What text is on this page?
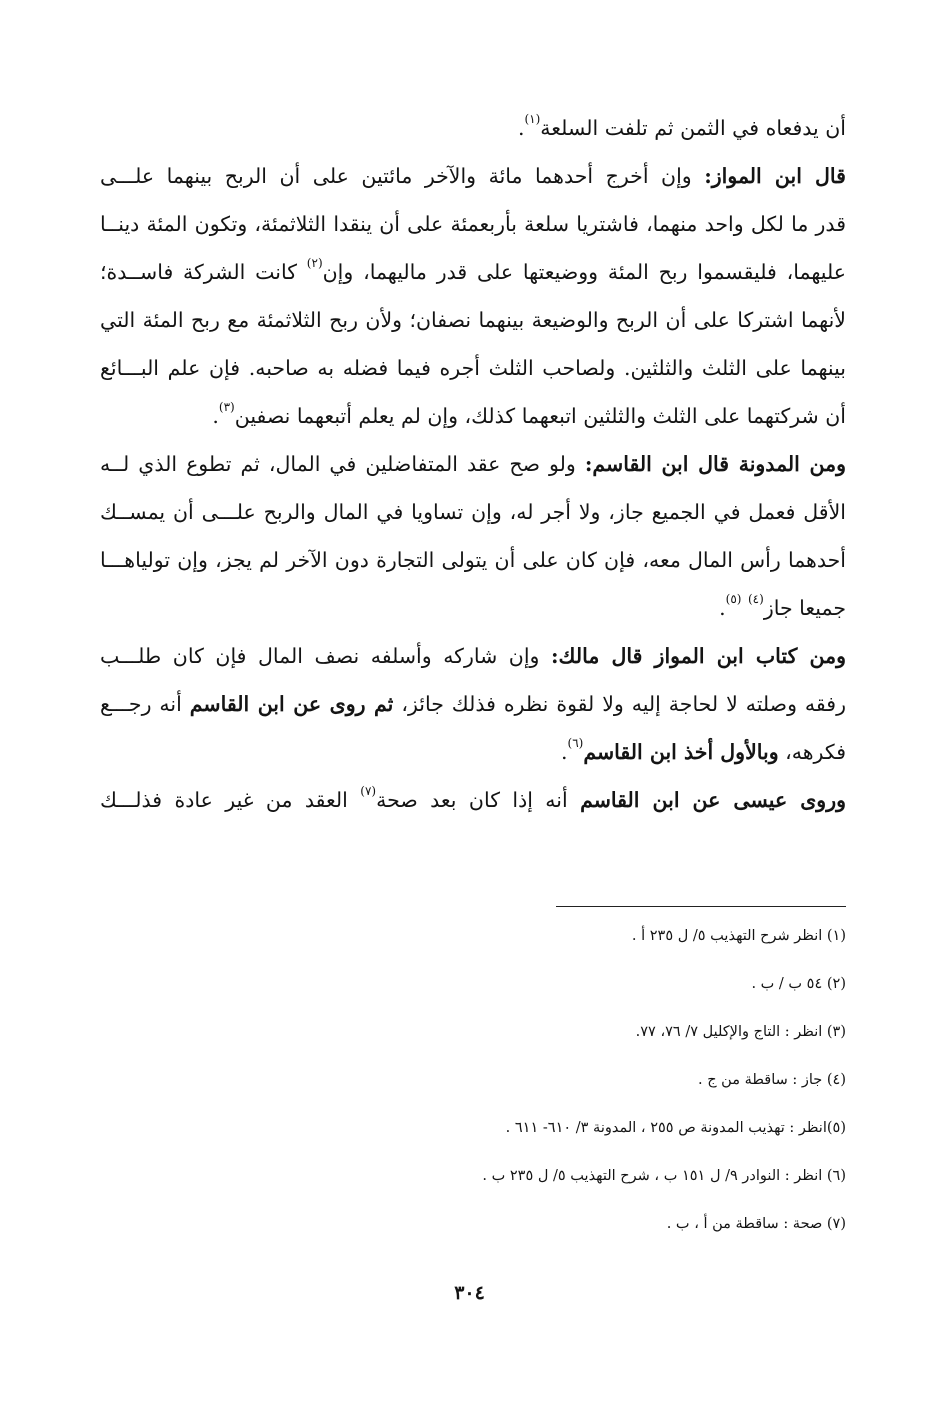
أن يدفعاه في الثمن ثم تلفت السلعة$^{(١)}$.
قال ابن المواز: وإن أخرج أحدهما مائة والآخر مائتين على أن الربح بينهما علـــى
قدر ما لكل واحد منهما، فاشتريا سلعة بأربعمئة على أن ينقدا الثلاثمئة، وتكون المئة دينــا
عليهما، فليقسموا ربح المئة ووضيعتها على قدر ماليهما، وإن$^{(٢)}$ كانت الشركة فاســدة؛
لأنهما اشتركا على أن الربح والوضيعة بينهما نصفان؛ ولأن ربح الثلاثمئة مع ربح المئة التي
بينهما على الثلث والثلثين. ولصاحب الثلث أجره فيما فضله به صاحبه. فإن علم البـــائع
أن شركتهما على الثلث والثلثين اتبعهما كذلك، وإن لم يعلم أتبعهما نصفين$^{(٣)}$.
ومن المدونة قال ابن القاسم: ولو صح عقد المتفاضلين في المال، ثم تطوع الذي لــه
الأقل فعمل في الجميع جاز، ولا أجر له، وإن تساويا في المال والربح علـــى أن يمســك
أحدهما رأس المال معه، فإن كان على أن يتولى التجارة دون الآخر لم يجز، وإن تولياهـــا
جميعا جاز$^{(٤)}$ $^{(٥)}$.
ومن كتاب ابن المواز قال مالك: وإن شاركه وأسلفه نصف المال فإن كان طلـــب
رفقه وصلته لا لحاجة إليه ولا لقوة نظره فذلك جائز، ثم روى عن ابن القاسم أنه رجـــع
فكرهه، وبالأول أخذ ابن القاسم$^{(٦)}$.
وروى عيسى عن ابن القاسم أنه إذا كان بعد صحة$^{(٧)}$ العقد من غير عادة فذلـــك
(١) انظر شرح التهذيب ٥/ ل ٢٣٥ أ .
(٢) ٥٤ ب / ب .
(٣) انظر : التاج والإكليل ٧/ ٧٦، ٧٧.
(٤) جاز : ساقطة من ج .
(٥)انظر : تهذيب المدونة ص ٢٥٥ ، المدونة ٣/ ٦١٠- ٦١١ .
(٦) انظر : النوادر ٩/ ل ١٥١ ب ، شرح التهذيب ٥/ ل ٢٣٥ ب .
(٧) صحة : ساقطة من أ ، ب .
٣٠٤
